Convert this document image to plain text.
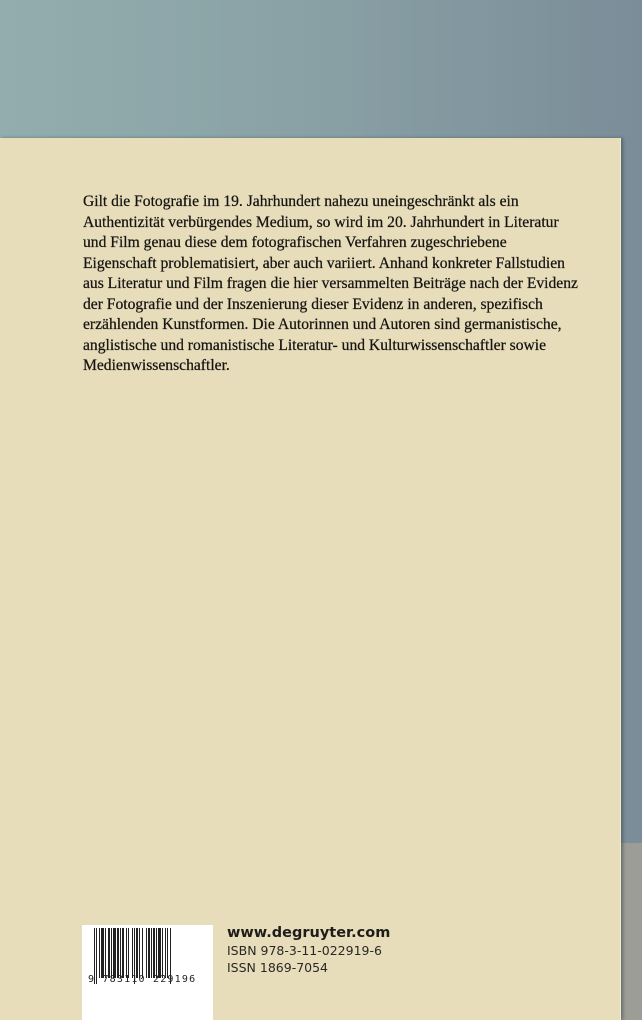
Gilt die Fotografie im 19. Jahrhundert nahezu uneingeschränkt als ein
Authentizität verbürgendes Medium, so wird im 20. Jahrhundert in Literatur
und Film genau diese dem fotografischen Verfahren zugeschriebene
Eigenschaft problematisiert, aber auch variiert. Anhand konkreter Fallstudien
aus Literatur und Film fragen die hier versammelten Beiträge nach der Evidenz
der Fotografie und der Inszenierung dieser Evidenz in anderen, spezifisch
erzählenden Kunstformen. Die Autorinnen und Autoren sind germanistische,
anglistische und romanistische Literatur- und Kulturwissenschaftler sowie
Medienwissenschaftler.
9 783110 229196
www.degruyter.com
ISBN 978-3-11-022919-6
ISSN 1869-7054
